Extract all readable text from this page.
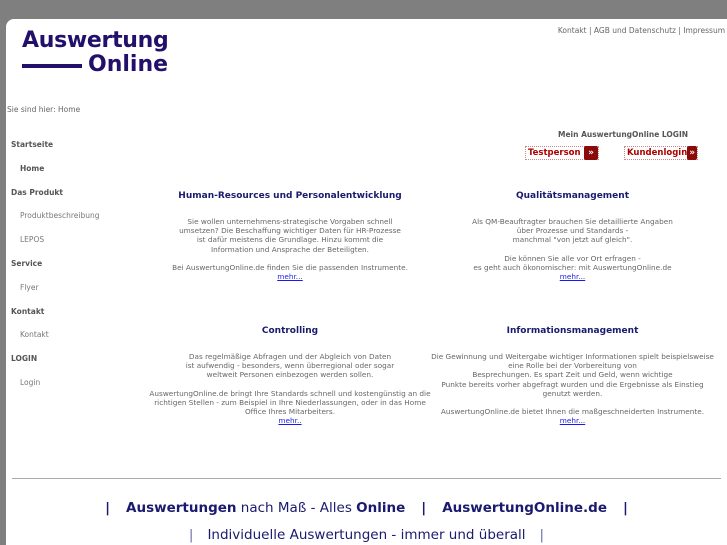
Auswertung
Online
Kontakt | AGB und Datenschutz | Impressum
Sie sind hier: Home
Startseite
Home
Das Produkt
Produktbeschreibung
LEPOS
Service
Flyer
Kontakt
Kontakt
LOGIN
Login
Mein AuswertungOnline LOGIN
Testperson »	Kundenlogin »
Human-Resources und Personalentwicklung

Sie wollen unternehmens-strategische Vorgaben schnell
umsetzen? Die Beschaffung wichtiger Daten für HR-Prozesse
ist dafür meistens die Grundlage. Hinzu kommt die
Information und Ansprache der Beteiligten.

Bei AuswertungOnline.de finden Sie die passenden Instrumente.
mehr...

Qualitätsmanagement

Als QM-Beauftragter brauchen Sie detaillierte Angaben
über Prozesse und Standards -
manchmal "von jetzt auf gleich".

Die können Sie alle vor Ort erfragen -
es geht auch ökonomischer: mit AuswertungOnline.de
mehr...

Controlling

Das regelmäßige Abfragen und der Abgleich von Daten
ist aufwendig - besonders, wenn überregional oder sogar
weltweit Personen einbezogen werden sollen.

AuswertungOnline.de bringt Ihre Standards schnell und kostengünstig an die
richtigen Stellen - zum Beispiel in Ihre Niederlassungen, oder in das Home
Office Ihres Mitarbeiters.
mehr..

Informationsmanagement

Die Gewinnung und Weitergabe wichtiger Informationen spielt beispielsweise
eine Rolle bei der Vorbereitung von
Besprechungen. Es spart Zeit und Geld, wenn wichtige
Punkte bereits vorher abgefragt wurden und die Ergebnisse als Einstieg
genutzt werden.

AuswertungOnline.de bietet Ihnen die maßgeschneiderten Instrumente.
mehr...

| Auswertungen nach Maß - Alles Online | AuswertungOnline.de |
| Individuelle Auswertungen - immer und überall |
